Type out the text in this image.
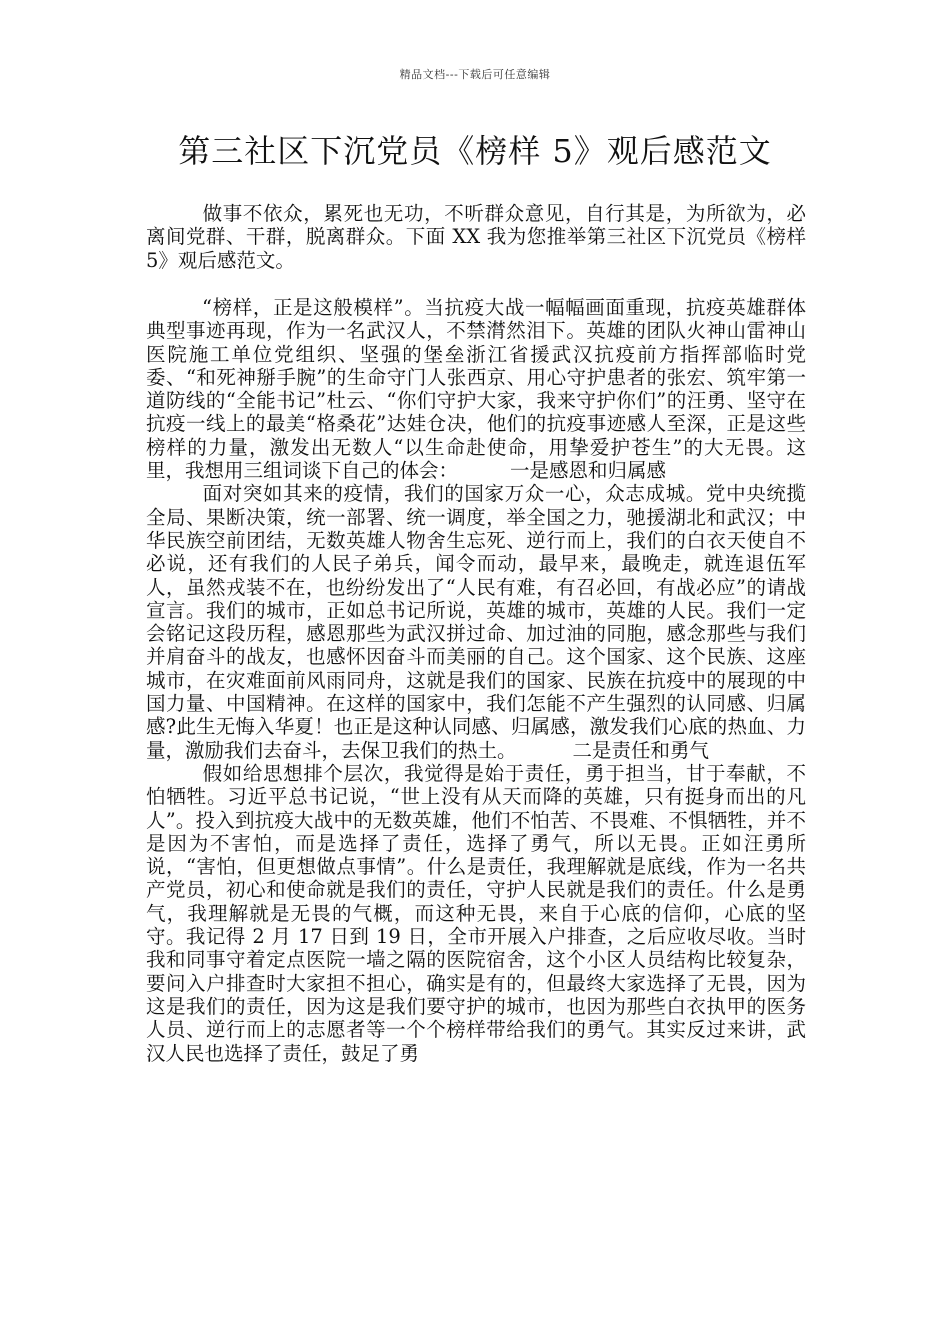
精品文档---下载后可任意编辑
第三社区下沉党员《榜样 5》观后感范文

做事不依众，累死也无功，不听群众意见，自行其是，为所欲为，必离间党群、干群，脱离群众。下面 XX 我为您推举第三社区下沉党员《榜样 5》观后感范文。

“榜样，正是这般模样”。当抗疫大战一幅幅画面重现，抗疫英雄群体典型事迹再现，作为一名武汉人，不禁潸然泪下。英雄的团队火神山雷神山医院施工单位党组织、坚强的堡垒浙江省援武汉抗疫前方指挥部临时党委、“和死神掰手腕”的生命守门人张西京、用心守护患者的张宏、筑牢第一道防线的“全能书记”杜云、“你们守护大家，我来守护你们”的汪勇、坚守在抗疫一线上的最美“格桑花”达娃仓决，他们的抗疫事迹感人至深，正是这些榜样的力量，激发出无数人“以生命赴使命，用挚爱护苍生”的大无畏。这里，我想用三组词谈下自己的体会：	一是感恩和归属感
面对突如其来的疫情，我们的国家万众一心，众志成城。党中央统揽全局、果断决策，统一部署、统一调度，举全国之力，驰援湖北和武汉；中华民族空前团结，无数英雄人物舍生忘死、逆行而上，我们的白衣天使自不必说，还有我们的人民子弟兵，闻令而动，最早来，最晚走，就连退伍军人，虽然戎装不在，也纷纷发出了“人民有难，有召必回，有战必应”的请战宣言。我们的城市，正如总书记所说，英雄的城市，英雄的人民。我们一定会铭记这段历程，感恩那些为武汉拼过命、加过油的同胞，感念那些与我们并肩奋斗的战友，也感怀因奋斗而美丽的自己。这个国家、这个民族、这座城市，在灾难面前风雨同舟，这就是我们的国家、民族在抗疫中的展现的中国力量、中国精神。在这样的国家中，我们怎能不产生强烈的认同感、归属感?此生无悔入华夏！也正是这种认同感、归属感，激发我们心底的热血、力量，激励我们去奋斗，去保卫我们的热土。	二是责任和勇气
假如给思想排个层次，我觉得是始于责任，勇于担当，甘于奉献，不怕牺牲。习近平总书记说，“世上没有从天而降的英雄，只有挺身而出的凡人”。投入到抗疫大战中的无数英雄，他们不怕苦、不畏难、不惧牺牲，并不是因为不害怕，而是选择了责任，选择了勇气，所以无畏。正如汪勇所说，“害怕，但更想做点事情”。什么是责任，我理解就是底线，作为一名共产党员，初心和使命就是我们的责任，守护人民就是我们的责任。什么是勇气，我理解就是无畏的气概，而这种无畏，来自于心底的信仰，心底的坚守。我记得 2 月 17 日到 19 日，全市开展入户排查，之后应收尽收。当时我和同事守着定点医院一墙之隔的医院宿舍，这个小区人员结构比较复杂，要问入户排查时大家担不担心，确实是有的，但最终大家选择了无畏，因为这是我们的责任，因为这是我们要守护的城市，也因为那些白衣执甲的医务人员、逆行而上的志愿者等一个个榜样带给我们的勇气。其实反过来讲，武汉人民也选择了责任，鼓足了勇
